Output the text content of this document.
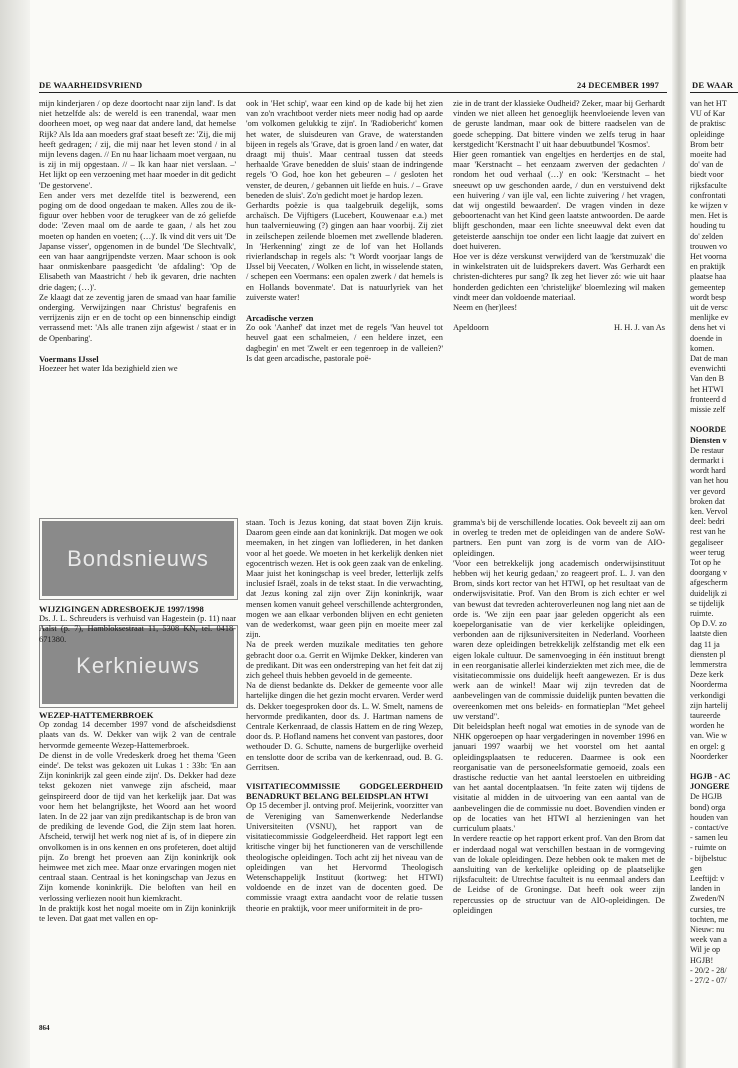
DE WAARHEIDSVRIEND	24 DECEMBER 1997	DE WAAR

mijn kinderjaren / op deze doortocht naar zijn land'. Is dat niet hetzelfde als: de wereld is een tranendal, waar men doorheen moet, op weg naar dat andere land, dat hemelse Rijk? Als Ida aan moeders graf staat beseft ze: 'Zij, die mij heeft gedragen; / zij, die mij naar het leven stond / in al mijn levens dagen. // En nu haar lichaam moet vergaan, nu is zij in mij opgestaan. // – Ik kan haar niet verslaan. –' Het lijkt op een verzoening met haar moeder in dit gedicht 'De gestorvene'.

Een ander vers met dezelfde titel is bezwerend, een poging om de dood ongedaan te maken. Alles zou de ik-figuur over hebben voor de terugkeer van de zó geliefde dode: 'Zeven maal om de aarde te gaan, / als het zou moeten op handen en voeten; (…)'. Ik vind dit vers uit 'De Japanse visser', opgenomen in de bundel 'De Slechtvalk', een van haar aangrijpendste verzen. Maar schoon is ook haar onmiskenbare paasgedicht 'de afdaling': 'Op de Elisabeth van Maastricht / heb ik gevaren, drie nachten drie dagen; (…)'.

Ze klaagt dat ze zeventig jaren de smaad van haar familie onderging. Verwijzingen naar Christus' begrafenis en verrijzenis zijn er en de tocht op een binnenschip eindigt verrassend met: 'Als alle tranen zijn afgewist / staat er in de Openbaring'.

Voermans IJssel

Hoezeer het water Ida bezighield zien we

ook in 'Het schip', waar een kind op de kade bij het zien van zo'n vrachtboot verder niets meer nodig had op aarde 'om volkomen gelukkig te zijn'. In 'Radiobericht' komen het water, de sluisdeuren van Grave, de waterstanden bijeen in regels als 'Grave, dat is groen land / en water, dat draagt mij thuis'. Maar centraal tussen dat steeds herhaalde 'Grave benedden de sluis' staan de indringende regels 'O God, hoe kon het gebeuren – / gesloten het venster, de deuren, / gebannen uit liefde en huis. / – Grave beneden de sluis'. Zo'n gedicht moet je hardop lezen.

Gerhardts poëzie is qua taalgebruik degelijk, soms archaïsch. De Vijftigers (Lucebert, Kouwenaar e.a.) met hun taalvernieuwing (?) gingen aan haar voorbij. Zij ziet in zeilschepen zeilende bloemen met zwellende bladeren. In 'Herkenning' zingt ze de lof van het Hollands rivierlandschap in regels als: ''t Wordt voorjaar langs de IJssel bij Veecaten, / Wolken en licht, in wisselende staten, / schepen een Voermans: een opalen zwerk / dat hemels is en Hollands bovenmate'. Dat is natuurlyriek van het zuiverste water!

Arcadische verzen

Zo ook 'Aanhef' dat inzet met de regels 'Van heuvel tot heuvel gaat een schalmeien, / een heldere inzet, een dagbegin' en met 'Zwelt er een tegenroep in de valleien?' Is dat geen arcadische, pastorale poë-

zie in de trant der klassieke Oudheid? Zeker, maar bij Gerhardt vinden we niet alleen het genoeglijk heenvloeiende leven van de geruste landman, maar ook de bittere raadselen van de goede schepping. Dat bittere vinden we zelfs terug in haar kerstgedicht 'Kerstnacht I' uit haar debuutbundel 'Kosmos'.

Hier geen romantiek van engeltjes en herdertjes en de stal, maar 'Kerstnacht – het eenzaam zwerven der gedachten / rondom het oud verhaal (…)' en ook: 'Kerstnacht – het sneeuwt op uw geschonden aarde, / dun en verstuivend dekt een huivering / van ijle val, een lichte zuivering / het vragen, dat wij ongestild bewaarden'. De vragen vinden in deze geboortenacht van het Kind geen laatste antwoorden. De aarde blijft geschonden, maar een lichte sneeuwval dekt even dat geteisterde aanschijn toe onder een licht laagje dat zuivert en doet huiveren.

Hoe ver is déze verskunst verwijderd van de 'kerstmuzak' die in winkelstraten uit de luidsprekers davert. Was Gerhardt een christen-dichteres pur sang? Ik zeg het liever zó: wie uit haar honderden gedichten een 'christelijke' bloemlezing wil maken vindt meer dan voldoende materiaal.

Neem en (her)lees!

Apeldoorn	H. H. J. van As

Bondsnieuws
Kerknieuws

WIJZIGINGEN ADRESBOEKJE 1997/1998

Ds. J. L. Schreuders is verhuisd van Hagestein (p. 11) naar Aalst (p. 7), Hambloksestraat 11, 5308 KN, tel. 0418-671380.

WEZEP-HATTEMERBROEK

Op zondag 14 december 1997 vond de afscheidsdienst plaats van ds. W. Dekker van wijk 2 van de centrale hervormde gemeente Wezep-Hattemerbroek.

De dienst in de volle Vredeskerk droeg het thema 'Geen einde'. De tekst was gekozen uit Lukas 1 : 33b: 'En aan Zijn koninkrijk zal geen einde zijn'. Ds. Dekker had deze tekst gekozen niet vanwege zijn afscheid, maar geïnspireerd door de tijd van het kerkelijk jaar. Dat was voor hem het belangrijkste, het Woord aan het woord laten. In de 22 jaar van zijn predikantschap is de bron van de prediking de levende God, die Zijn stem laat horen. Afscheid, terwijl het werk nog niet af is, of in diepere zin onvolkomen is in ons kennen en ons profeteren, doet altijd pijn. Zo brengt het proeven aan Zijn koninkrijk ook heimwee met zich mee. Maar onze ervaringen mogen niet centraal staan. Centraal is het koningschap van Jezus en Zijn komende koninkrijk. Die beloften van heil en verlossing verliezen nooit hun kiemkracht.

In de praktijk kost het nogal moeite om in Zijn koninkrijk te leven. Dat gaat met vallen en op-

staan. Toch is Jezus koning, dat staat boven Zijn kruis. Daarom geen einde aan dat koninkrijk. Dat mogen we ook meemaken, in het zingen van lofliederen, in het danken voor al het goede. We moeten in het kerkelijk denken niet egocentrisch wezen. Het is ook geen zaak van de enkeling. Maar juist het koningschap is veel breder, letterlijk zelfs inclusief Israël, zoals in de tekst staat. In die verwachting, dat Jezus koning zal zijn over Zijn koninkrijk, waar mensen komen vanuit geheel verschillende achtergronden, mogen we aan elkaar verbonden blijven en echt genieten van de wederkomst, waar geen pijn en moeite meer zal zijn.

Na de preek werden muzikale meditaties ten gehore gebracht door o.a. Gerrit en Wijmke Dekker, kinderen van de predikant. Dit was een onderstreping van het feit dat zij zich geheel thuis hebben gevoeld in de gemeente.

Na de dienst bedankte ds. Dekker de gemeente voor alle hartelijke dingen die het gezin mocht ervaren. Verder werd ds. Dekker toegesproken door ds. L. W. Smelt, namens de hervormde predikanten, door ds. J. Hartman namens de Centrale Kerkenraad, de classis Hattem en de ring Wezep, door ds. P. Hofland namens het convent van pastores, door wethouder D. G. Schutte, namens de burgerlijke overheid en tenslotte door de scriba van de kerkenraad, oud. B. G. Gerritsen.

VISITATIECOMMISSIE GODGELEERDHEID BENADRUKT BELANG BELEIDSPLAN HTWI

Op 15 december jl. ontving prof. Meijerink, voorzitter van de Vereniging van Samenwerkende Nederlandse Universiteiten (VSNU), het rapport van de visitatiecommissie Godgeleerdheid. Het rapport legt een kritische vinger bij het functioneren van de verschillende theologische opleidingen. Toch acht zij het niveau van de opleidingen van het Hervormd Theologisch Wetenschappelijk Instituut (kortweg: het HTWI) voldoende en de inzet van de docenten goed. De commissie vraagt extra aandacht voor de relatie tussen theorie en praktijk, voor meer uniformiteit in de pro-

gramma's bij de verschillende locaties. Ook beveelt zij aan om in overleg te treden met de opleidingen van de andere SoW-partners. Een punt van zorg is de vorm van de AIO-opleidingen.

'Voor een betrekkelijk jong academisch onderwijsinstituut hebben wij het keurig gedaan,' zo reageert prof. L. J. van den Brom, sinds kort rector van het HTWI, op het resultaat van de onderwijsvisitatie. Prof. Van den Brom is zich echter er wel van bewust dat tevreden achteroverleunen nog lang niet aan de orde is. 'We zijn een paar jaar geleden opgericht als een koepelorganisatie van de vier kerkelijke opleidingen, verbonden aan de rijksuniversiteiten in Nederland. Voorheen waren deze opleidingen betrekkelijk zelfstandig met elk een eigen lokale cultuur. De samenvoeging in één instituut brengt in een reorganisatie allerlei kinderziekten met zich mee, die de visitatiecommissie ons duidelijk heeft aangewezen. Er is dus werk aan de winkel! Maar wij zijn tevreden dat de aanbevelingen van de commissie duidelijk punten bevatten die overeenkomen met ons beleids- en formatieplan "Met geheel uw verstand".

Dit beleidsplan heeft nogal wat emoties in de synode van de NHK opgeroepen op haar vergaderingen in november 1996 en januari 1997 waarbij we het voorstel om het aantal opleidingsplaatsen te reduceren. Daarmee is ook een reorganisatie van de personeelsformatie gemoeid, zoals een drastische reductie van het aantal leerstoelen en uitbreiding van het aantal docentplaatsen. 'In feite zaten wij tijdens de visitatie al midden in de uitvoering van een aantal van de aanbevelingen die de commissie nu doet. Bovendien vinden er op de locaties van het HTWI al herzieningen van het curriculum plaats.'

In verdere reactie op het rapport erkent prof. Van den Brom dat er inderdaad nogal wat verschillen bestaan in de vormgeving van de lokale opleidingen. Deze hebben ook te maken met de aansluiting van de kerkelijke opleiding op de plaatselijke rijksfaculteit: de Utrechtse faculteit is nu eenmaal anders dan de Leidse of de Groningse. Dat heeft ook weer zijn repercussies op de structuur van de AIO-opleidingen. De opleidingen

864

van het HT

VU of Kar

de praktisc

opleidinge

Brom betr

moeite had

do' van de

biedt voor

rijksfaculte

confrontati

ke wijzen v

men. Het is

houding tu

do' zelden

trouwen vo

Het voorna

en praktijk

plaatse haa

gemeentep

wordt besp

uit de versc

menlijke ev

dens het vi

doende in

komen.

Dat de man

evenwichti

Van den B

het HTWI

fronteerd d

missie zelf

NOORDE

Diensten v

De restaur

dermarkt i

wordt hard

van het hou

ver gevord

broken dat

ken. Vervol

deel: bedri

rest van he

gegaliseer

weer terug

Tot op he

doorgang v

afgescherm

duidelijk zi

se tijdelijk

ruimte.

Op D.V. zo

laatste dien

dag 11 ja

diensten pl

lemmerstra

Deze kerk

Noorderma

verkondigi

zijn hartelij

taureerde

worden he

van. Wie w

en orgel: g

Noorderker

HGJB - AC

JONGERE

De HGJB

bond) orga

houden van

- contact/ve

- samen leu

- ruimte on

- bijbelstuc

gen

Leeftijd: v

landen in

Zweden/N

cursies, tre

tochten, me

Nieuw: nu

week van a

Wil je op

HGJB!

- 20/2 - 28/

- 27/2 - 07/
